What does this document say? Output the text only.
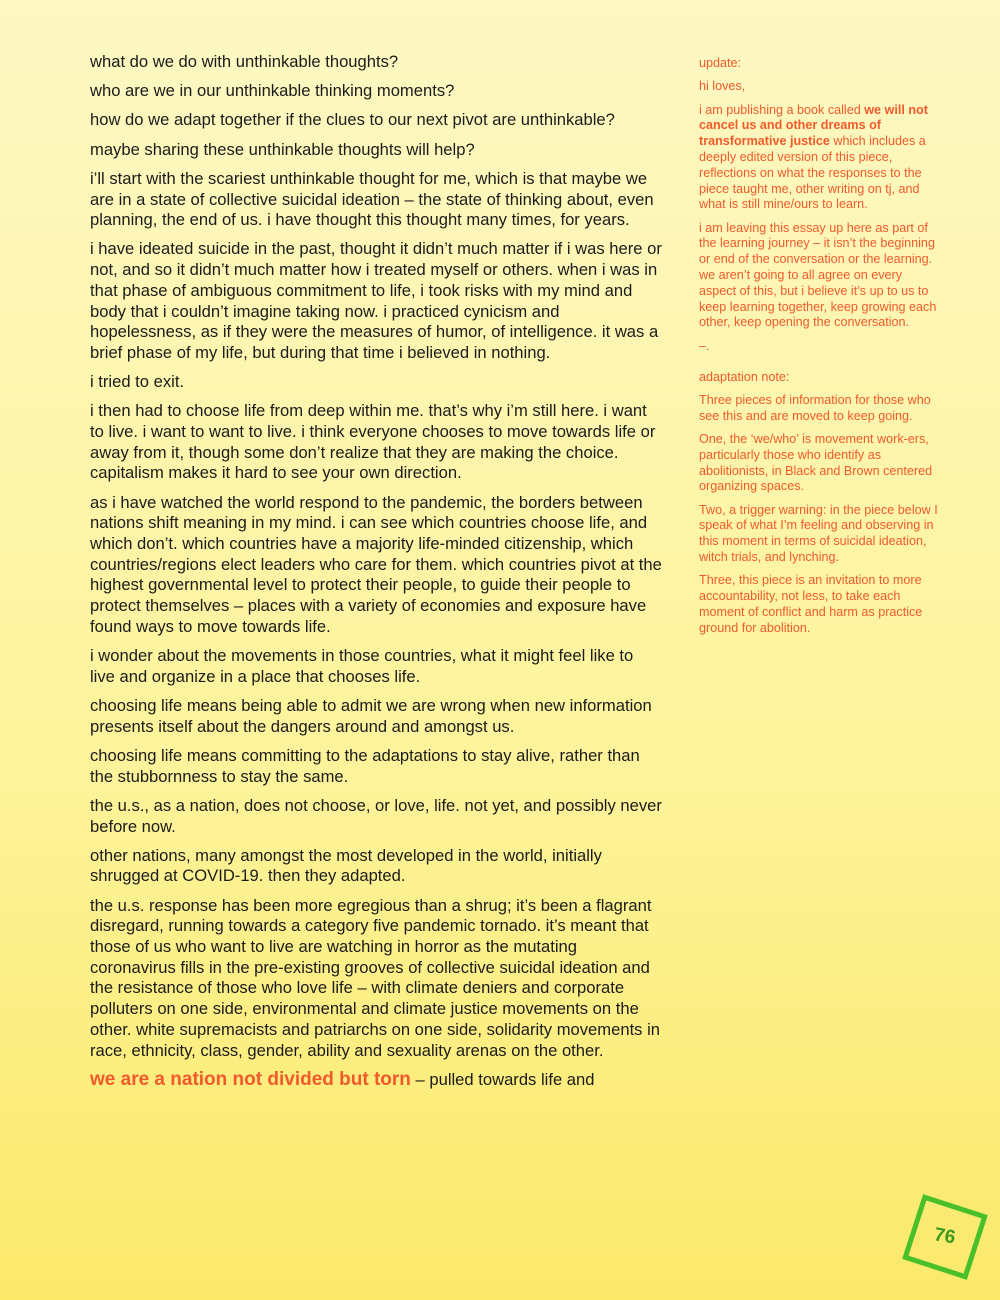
what do we do with unthinkable thoughts?

who are we in our unthinkable thinking moments?

how do we adapt together if the clues to our next pivot are unthinkable?

maybe sharing these unthinkable thoughts will help?

i’ll start with the scariest unthinkable thought for me, which is that maybe we are in a state of collective suicidal ideation – the state of thinking about, even planning, the end of us. i have thought this thought many times, for years.

i have ideated suicide in the past, thought it didn’t much matter if i was here or not, and so it didn’t much matter how i treated myself or others. when i was in that phase of ambiguous commitment to life, i took risks with my mind and body that i couldn’t imagine taking now. i practiced cynicism and hopelessness, as if they were the measures of humor, of intelligence. it was a brief phase of my life, but during that time i believed in nothing.

i tried to exit.

i then had to choose life from deep within me. that’s why i’m still here. i want to live. i want to want to live. i think everyone chooses to move towards life or away from it, though some don’t realize that they are making the choice. capitalism makes it hard to see your own direction.

as i have watched the world respond to the pandemic, the borders between nations shift meaning in my mind. i can see which countries choose life, and which don’t. which countries have a majority life-minded citizenship, which countries/regions elect leaders who care for them. which countries pivot at the highest governmental level to protect their people, to guide their people to protect themselves – places with a variety of economies and exposure have found ways to move towards life.

i wonder about the movements in those countries, what it might feel like to live and organize in a place that chooses life.

choosing life means being able to admit we are wrong when new information presents itself about the dangers around and amongst us.

choosing life means committing to the adaptations to stay alive, rather than the stubbornness to stay the same.

the u.s., as a nation, does not choose, or love, life. not yet, and possibly never before now.

other nations, many amongst the most developed in the world, initially shrugged at COVID-19. then they adapted.

the u.s. response has been more egregious than a shrug; it’s been a flagrant disregard, running towards a category five pandemic tornado. it’s meant that those of us who want to live are watching in horror as the mutating coronavirus fills in the pre-existing grooves of collective suicidal ideation and the resistance of those who love life – with climate deniers and corporate polluters on one side, environmental and climate justice movements on the other. white supremacists and patriarchs on one side, solidarity movements in race, ethnicity, class, gender, ability and sexuality arenas on the other.

we are a nation not divided but torn – pulled towards life and

update:

hi loves,

i am publishing a book called we will not cancel us and other dreams of transformative justice which includes a deeply edited version of this piece, reflections on what the responses to the piece taught me, other writing on tj, and what is still mine/ours to learn.

i am leaving this essay up here as part of the learning journey – it isn’t the beginning or end of the conversation or the learning. we aren’t going to all agree on every aspect of this, but i believe it’s up to us to keep learning together, keep growing each other, keep opening the conversation.

–.

adaptation note:

Three pieces of information for those who see this and are moved to keep going.

One, the ‘we/who’ is movement work-ers, particularly those who identify as abolitionists, in Black and Brown centered organizing spaces.

Two, a trigger warning: in the piece below I speak of what I’m feeling and observing in this moment in terms of suicidal ideation, witch trials, and lynching.

Three, this piece is an invitation to more accountability, not less, to take each moment of conflict and harm as practice ground for abolition.

76
